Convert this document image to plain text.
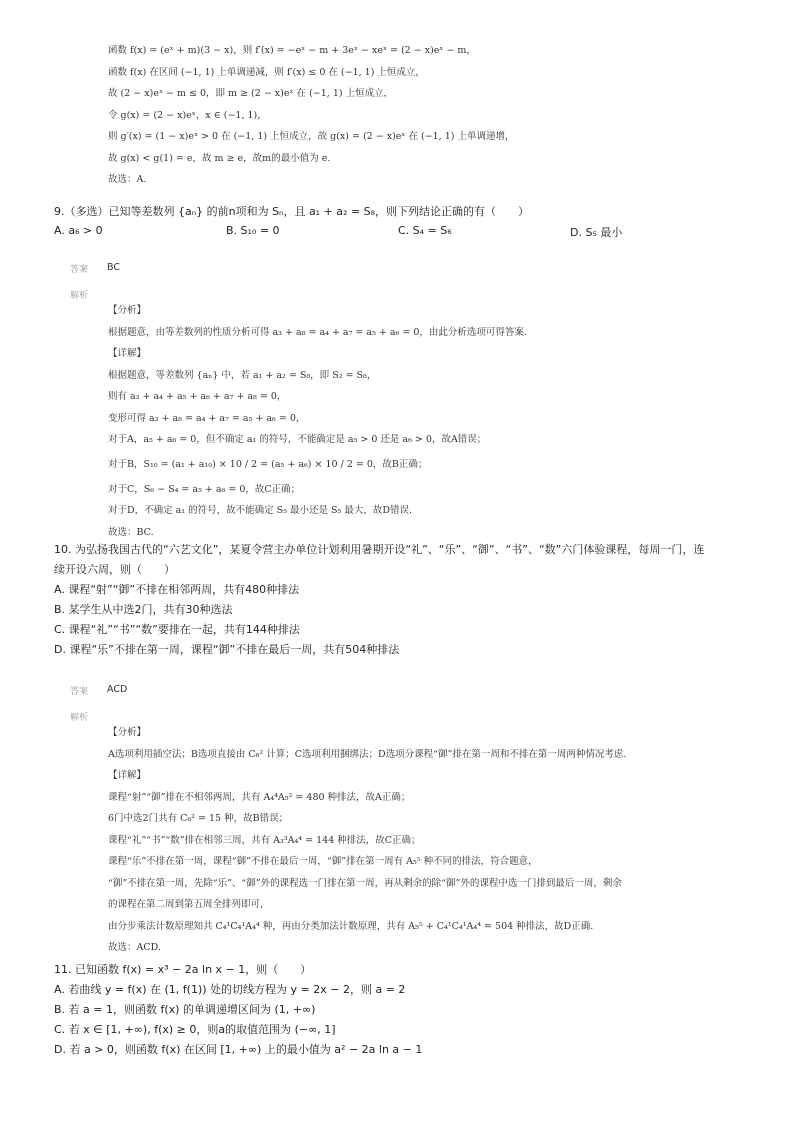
函数 f(x) = (eˣ + m)(3 − x)，则 f′(x) = −eˣ − m + 3eˣ − xeˣ = (2 − x)eˣ − m，
函数 f(x) 在区间 (−1, 1) 上单调递减，则 f′(x) ≤ 0 在 (−1, 1) 上恒成立，
故 (2 − x)eˣ − m ≤ 0，即 m ≥ (2 − x)eˣ 在 (−1, 1) 上恒成立，
令 g(x) = (2 − x)eˣ，x ∈ (−1, 1)，
则 g′(x) = (1 − x)eˣ > 0 在 (−1, 1) 上恒成立，故 g(x) = (2 − x)eˣ 在 (−1, 1) 上单调递增，
故 g(x) < g(1) = e，故 m ≥ e，故m的最小值为 e.
故选：A.
9.（多选）已知等差数列 {aₙ} 的前n项和为 Sₙ，且 a₁ + a₂ = S₈，则下列结论正确的有（　　）
A. a₆ > 0	B. S₁₀ = 0	C. S₄ = S₆	D. S₅ 最小
答案 BC
解析
【分析】
根据题意，由等差数列的性质分析可得 a₃ + a₈ = a₄ + a₇ = a₅ + a₆ = 0，由此分析选项可得答案.
【详解】
根据题意，等差数列 {aₙ} 中，若 a₁ + a₂ = S₈，即 S₂ = S₈，
则有 a₃ + a₄ + a₅ + a₆ + a₇ + a₈ = 0，
变形可得 a₃ + a₈ = a₄ + a₇ = a₅ + a₆ = 0，
对于A，a₅ + a₆ = 0，但不确定 a₁ 的符号，不能确定是 a₅ > 0 还是 a₆ > 0，故A错误；
对于B，S₁₀ = (a₁ + a₁₀) × 10 / 2 = (a₅ + a₆) × 10 / 2 = 0，故B正确；
对于C，S₆ − S₄ = a₅ + a₆ = 0，故C正确；
对于D，不确定 a₁ 的符号，故不能确定 S₅ 最小还是 S₅ 最大，故D错误.
故选：BC.
10. 为弘扬我国古代的“六艺文化”，某夏令营主办单位计划利用暑期开设“礼”、“乐”、“御”、“书”、“数”六门体验课程，每周一门，连
续开设六周，则（　　）
A. 课程“射”“御”不排在相邻两周，共有480种排法
B. 某学生从中选2门，共有30种选法
C. 课程“礼”“书”“数”要排在一起，共有144种排法
D. 课程“乐”不排在第一周，课程“御”不排在最后一周，共有504种排法
答案 ACD
解析
【分析】
A选项利用插空法；B选项直接由 C₆² 计算；C选项利用捆绑法；D选项分课程“御”排在第一周和不排在第一周两种情况考虑.
【详解】
课程“射”“御”排在不相邻两周，共有 A₄⁴A₅² = 480 种排法，故A正确；
6门中选2门共有 C₆² = 15 种，故B错误；
课程“礼”“书”“数”排在相邻三周，共有 A₃³A₄⁴ = 144 种排法，故C正确；
课程“乐”不排在第一周，课程“御”不排在最后一周，“御”排在第一周有 A₅⁵ 种不同的排法，符合题意，
“御”不排在第一周，先除“乐”、“御”外的课程选一门排在第一周，再从剩余的除“御”外的课程中选一门排到最后一周，剩余
的课程在第二周到第五周全排列即可，
由分步乘法计数原理知共 C₄¹C₄¹A₄⁴ 种，再由分类加法计数原理，共有 A₅⁵ + C₄¹C₄¹A₄⁴ = 504 种排法，故D正确.
故选：ACD.
11. 已知函数 f(x) = x³ − 2a ln x − 1，则（　　）
A. 若曲线 y = f(x) 在 (1, f(1)) 处的切线方程为 y = 2x − 2，则 a = 2
B. 若 a = 1，则函数 f(x) 的单调递增区间为 (1, +∞)
C. 若 x ∈ [1, +∞), f(x) ≥ 0，则a的取值范围为 (−∞, 1]
D. 若 a > 0，则函数 f(x) 在区间 [1, +∞) 上的最小值为 a² − 2a ln a − 1
